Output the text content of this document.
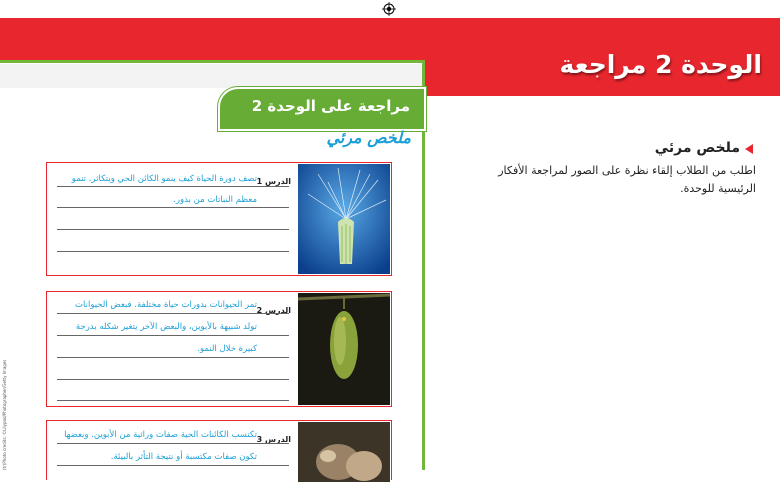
الوحدة 2 مراجعة
مراجعة على الوحدة 2
ملخص مرئي
الدرس 1
تصف دورة الحياة كيف ينمو الكائن الحي ويتكاثر. تنمو
معظم النباتات من بذور.
الدرس 2
تمر الحيوانات بدورات حياة مختلفة. فبعض الحيوانات
تولد شبيهة بالأبوين، والبعض الآخر يتغير شكله بدرجة
كبيرة خلال النمو.
الدرس 3
تكتسب الكائنات الحية صفات وراثية من الأبوين. وبعضها
تكون صفات مكتسبة أو نتيجة التأثر بالبيئة.
(tr)Photo credits: ©Lilypad/Photographer/Getty Images
ملخص مرئي
اطلب من الطلاب إلقاء نظرة على الصور لمراجعة الأفكار الرئيسية للوحدة.
